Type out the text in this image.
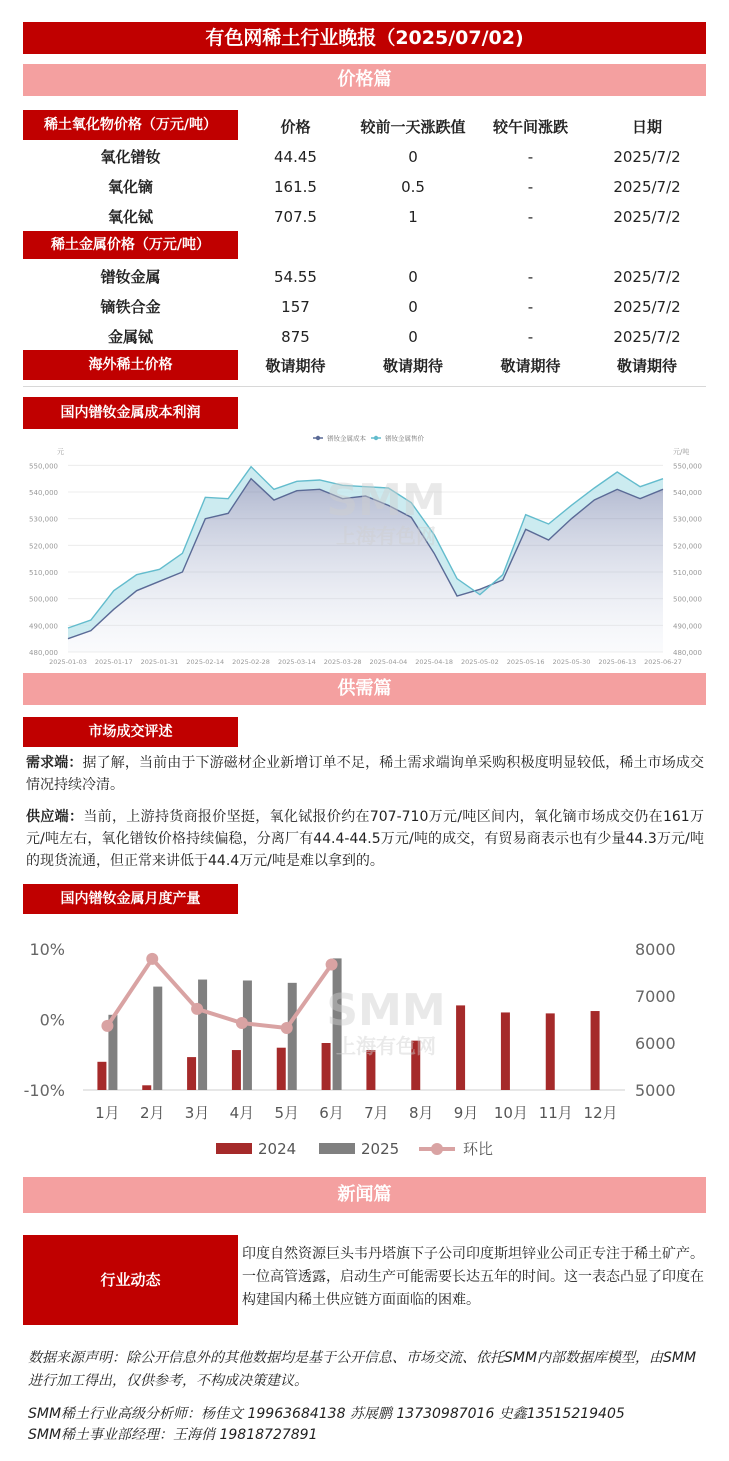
有色网稀土行业晚报（2025/07/02)
价格篇
稀土氧化物价格（万元/吨）	价格	较前一天涨跌值	较午间涨跌	日期
氧化镨钕	44.45	0	-	2025/7/2
氧化镝	161.5	0.5	-	2025/7/2
氧化铽	707.5	1	-	2025/7/2
稀土金属价格（万元/吨）
镨钕金属	54.55	0	-	2025/7/2
镝铁合金	157	0	-	2025/7/2
金属铽	875	0	-	2025/7/2
海外稀土价格	敬请期待	敬请期待	敬请期待	敬请期待
国内镨钕金属成本利润
550,000	550,000
540,000	540,000
530,000	530,000
520,000	520,000
510,000	510,000
500,000	500,000
490,000	490,000
480,000	480,000
元	元/吨
2025-01-03 2025-01-17 2025-01-31 2025-02-14 2025-02-28 2025-03-14 2025-03-28 2025-04-04 2025-04-18 2025-05-02 2025-05-16 2025-05-30 2025-06-13 2025-06-27
镨钕金属成本	镨钕金属售价
SMM
上海有色网
供需篇
市场成交评述
需求端：据了解，当前由于下游磁材企业新增订单不足，稀土需求端询单采购积极度明显较低，稀土市场成交情况持续冷清。
供应端：当前，上游持货商报价坚挺，氧化铽报价约在707-710万元/吨区间内，氧化镝市场成交仍在161万元/吨左右，氧化镨钕价格持续偏稳，分离厂有44.4-44.5万元/吨的成交，有贸易商表示也有少量44.3万元/吨的现货流通，但正常来讲低于44.4万元/吨是难以拿到的。
国内镨钕金属月度产量
10%
0%
-10%
8000
7000
6000
5000
1月 2月 3月 4月 5月 6月 7月 8月 9月 10月 11月 12月
2024	2025	环比
SMM
上海有色网
新闻篇
行业动态
印度自然资源巨头韦丹塔旗下子公司印度斯坦锌业公司正专注于稀土矿产。一位高管透露，启动生产可能需要长达五年的时间。这一表态凸显了印度在构建国内稀土供应链方面面临的困难。
数据来源声明：除公开信息外的其他数据均是基于公开信息、市场交流、依托SMM内部数据库模型，由SMM进行加工得出，仅供参考，不构成决策建议。
SMM稀土行业高级分析师：杨佳文 19963684138 苏展鹏 13730987016 史鑫13515219405
SMM稀土事业部经理：王海俏 19818727891
